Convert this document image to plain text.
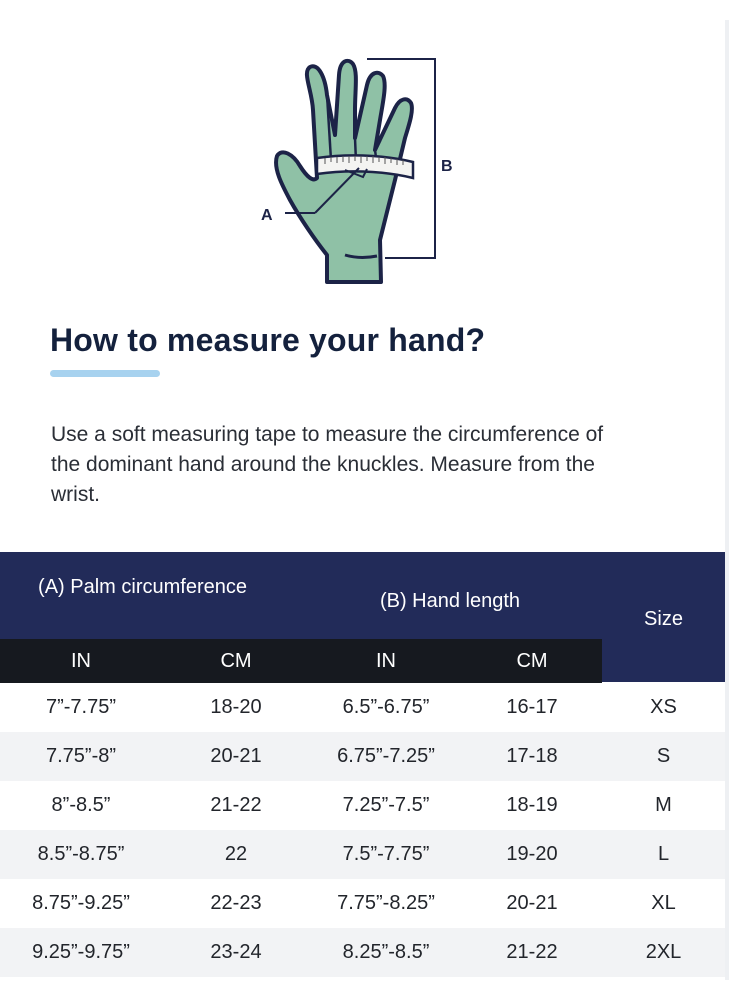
A
B
How to measure your hand?

Use a soft measuring tape to measure the circumference of the dominant hand around the knuckles. Measure from the wrist.

(A) Palm circumference
(B) Hand length
Size
IN	CM	IN	CM
7”-7.75”	18-20	6.5”-6.75”	16-17	XS
7.75”-8”	20-21	6.75”-7.25”	17-18	S
8”-8.5”	21-22	7.25”-7.5”	18-19	M
8.5”-8.75”	22	7.5”-7.75”	19-20	L
8.75”-9.25”	22-23	7.75”-8.25”	20-21	XL
9.25”-9.75”	23-24	8.25”-8.5”	21-22	2XL
